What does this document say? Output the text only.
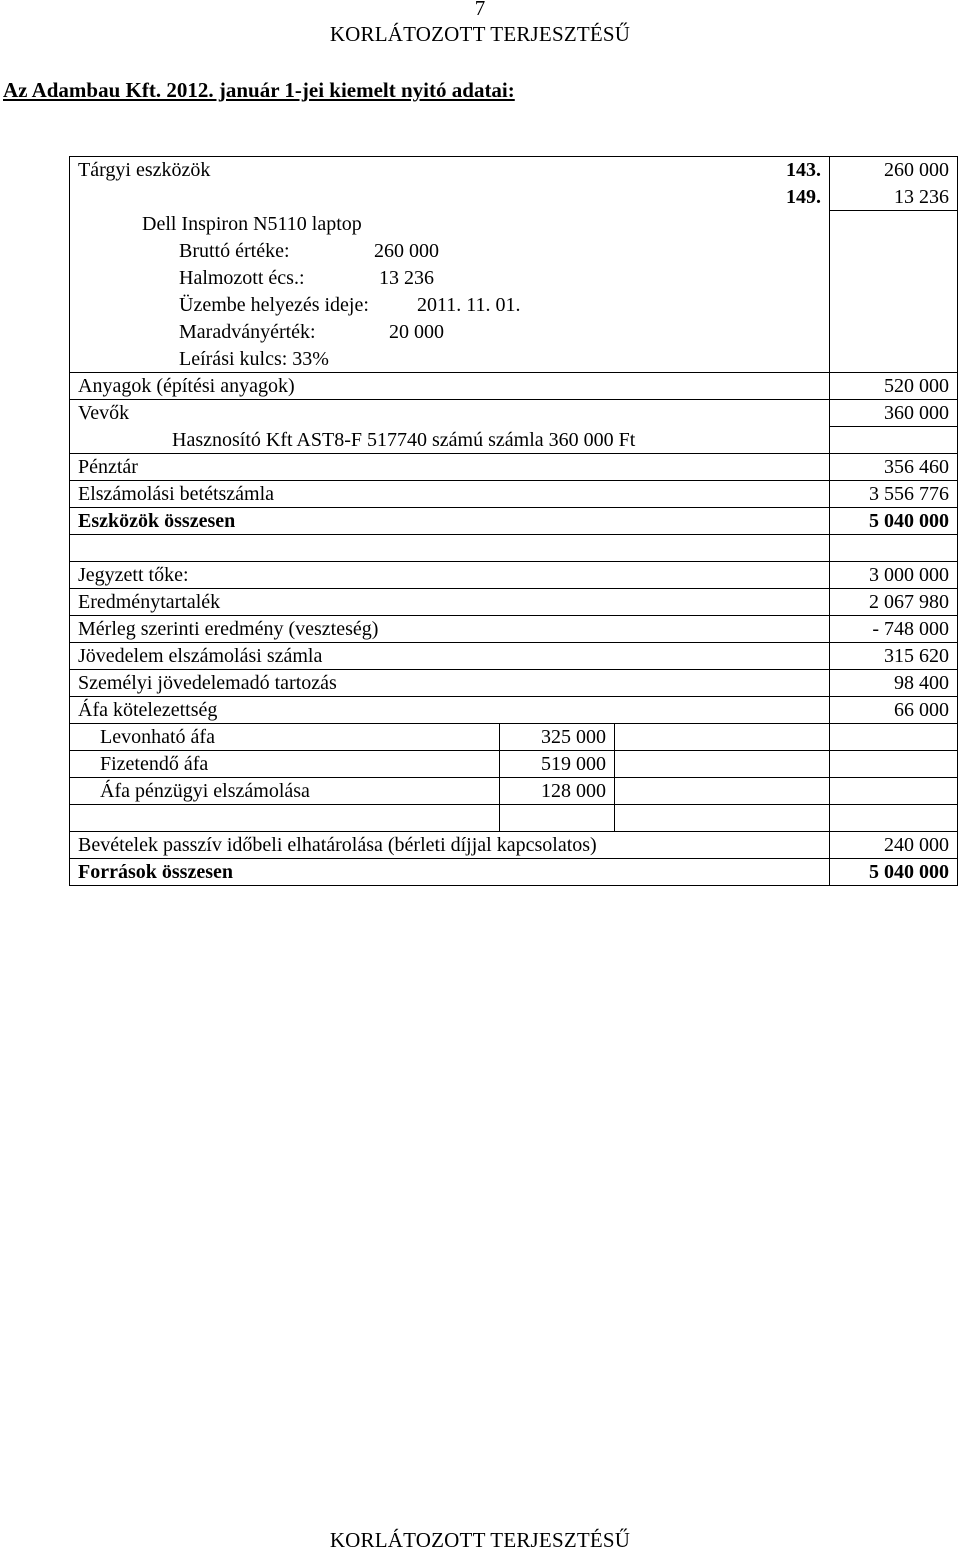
7
KORLÁTOZOTT TERJESZTÉSŰ
Az Adambau Kft. 2012. január 1-jei kiemelt nyitó adatai:
Tárgyi eszközök		143.	260 000
		149.	13 236
Dell Inspiron N5110 laptop			
Bruttó értéke: 260 000			
Halmozott écs.: 13 236			
Üzembe helyezés ideje: 2011. 11. 01.			
Maradványérték: 20 000			
Leírási kulcs: 33%			
Anyagok (építési anyagok)			520 000
Vevők			360 000
Hasznosító Kft AST8-F 517740 számú számla 360 000 Ft			
Pénztár			356 460
Elszámolási betétszámla			3 556 776
Eszközök összesen			5 040 000

Jegyzett tőke:			3 000 000
Eredménytartalék			2 067 980
Mérleg szerinti eredmény (veszteség)			- 748 000
Jövedelem elszámolási számla			315 620
Személyi jövedelemadó tartozás			98 400
Áfa kötelezettség			66 000
Levonható áfa	325 000		
Fizetendő áfa	519 000		
Áfa pénzügyi elszámolása	128 000		

Bevételek passzív időbeli elhatárolása (bérleti díjjal kapcsolatos)			240 000
Források összesen			5 040 000
KORLÁTOZOTT TERJESZTÉSŰ
